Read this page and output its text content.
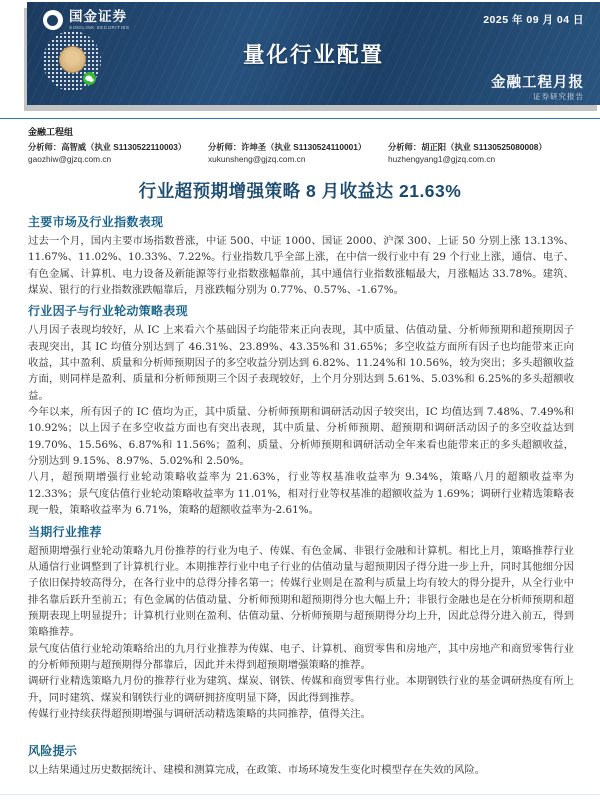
国金证券
SINOLINK SECURITIES
2025 年 09 月 04 日
量化行业配置
金融工程月报
证券研究报告
金融工程组
分析师：高智威（执业 S1130522110003）
gaozhiw@gjzq.com.cn
分析师：许坤圣（执业 S1130524110001）
xukunsheng@gjzq.com.cn
分析师：胡正阳（执业 S1130525080008）
huzhengyang1@gjzq.com.cn
行业超预期增强策略 8 月收益达 21.63%
主要市场及行业指数表现

过去一个月，国内主要市场指数普涨，中证 500、中证 1000、国证 2000、沪深 300、上证 50 分别上涨 13.13%、11.67%、11.02%、10.33%、7.22%。行业指数几乎全部上涨，在中信一级行业中有 29 个行业上涨，通信、电子、有色金属、计算机、电力设备及新能源等行业指数涨幅靠前，其中通信行业指数涨幅最大，月涨幅达 33.78%。建筑、煤炭、银行的行业指数涨跌幅靠后，月涨跌幅分别为 0.77%、0.57%、-1.67%。

行业因子与行业轮动策略表现

八月因子表现均较好，从 IC 上来看六个基础因子均能带来正向表现，其中质量、估值动量、分析师预期和超预期因子表现突出，其 IC 均值分别达到了 46.31%、23.89%、43.35%和 31.65%；多空收益方面所有因子也均能带来正向收益，其中盈利、质量和分析师预期因子的多空收益分别达到 6.82%、11.24%和 10.56%，较为突出；多头超额收益方面，则同样是盈利、质量和分析师预期三个因子表现较好，上个月分别达到 5.61%、5.03%和 6.25%的多头超额收益。

今年以来，所有因子的 IC 值均为正，其中质量、分析师预期和调研活动因子较突出，IC 均值达到 7.48%、7.49%和 10.92%；以上因子在多空收益方面也有突出表现，其中质量、分析师预期、超预期和调研活动因子的多空收益达到 19.70%、15.56%、6.87%和 11.56%；盈利、质量、分析师预期和调研活动全年来看也能带来正的多头超额收益，分别达到 9.15%、8.97%、5.02%和 2.50%。

八月，超预期增强行业轮动策略收益率为 21.63%，行业等权基准收益率为 9.34%，策略八月的超额收益率为 12.33%；景气度估值行业轮动策略收益率为 11.01%，相对行业等权基准的超额收益为 1.69%；调研行业精选策略表现一般，策略收益率为 6.71%，策略的超额收益率为-2.61%。

当期行业推荐

超预期增强行业轮动策略九月份推荐的行业为电子、传媒、有色金属、非银行金融和计算机。相比上月，策略推荐行业从通信行业调整到了计算机行业。本期推荐行业中电子行业的估值动量与超预期因子得分进一步上升，同时其他细分因子依旧保持较高得分，在各行业中的总得分排名第一；传媒行业则是在盈利与质量上均有较大的得分提升，从全行业中排名靠后跃升至前五；有色金属的估值动量、分析师预期和超预期得分也大幅上升；非银行金融也是在分析师预期和超预期表现上明显提升；计算机行业则在盈利、估值动量、分析师预期与超预期得分均上升，因此总得分进入前五，得到策略推荐。

景气度估值行业轮动策略给出的九月行业推荐为传媒、电子、计算机、商贸零售和房地产，其中房地产和商贸零售行业的分析师预期与超预期得分都靠后，因此并未得到超预期增强策略的推荐。

调研行业精选策略九月份的推荐行业为建筑、煤炭、钢铁、传媒和商贸零售行业。本期钢铁行业的基金调研热度有所上升，同时建筑、煤炭和钢铁行业的调研拥挤度明显下降，因此得到推荐。

传媒行业持续获得超预期增强与调研活动精选策略的共同推荐，值得关注。

风险提示

以上结果通过历史数据统计、建模和测算完成，在政策、市场环境发生变化时模型存在失效的风险。
